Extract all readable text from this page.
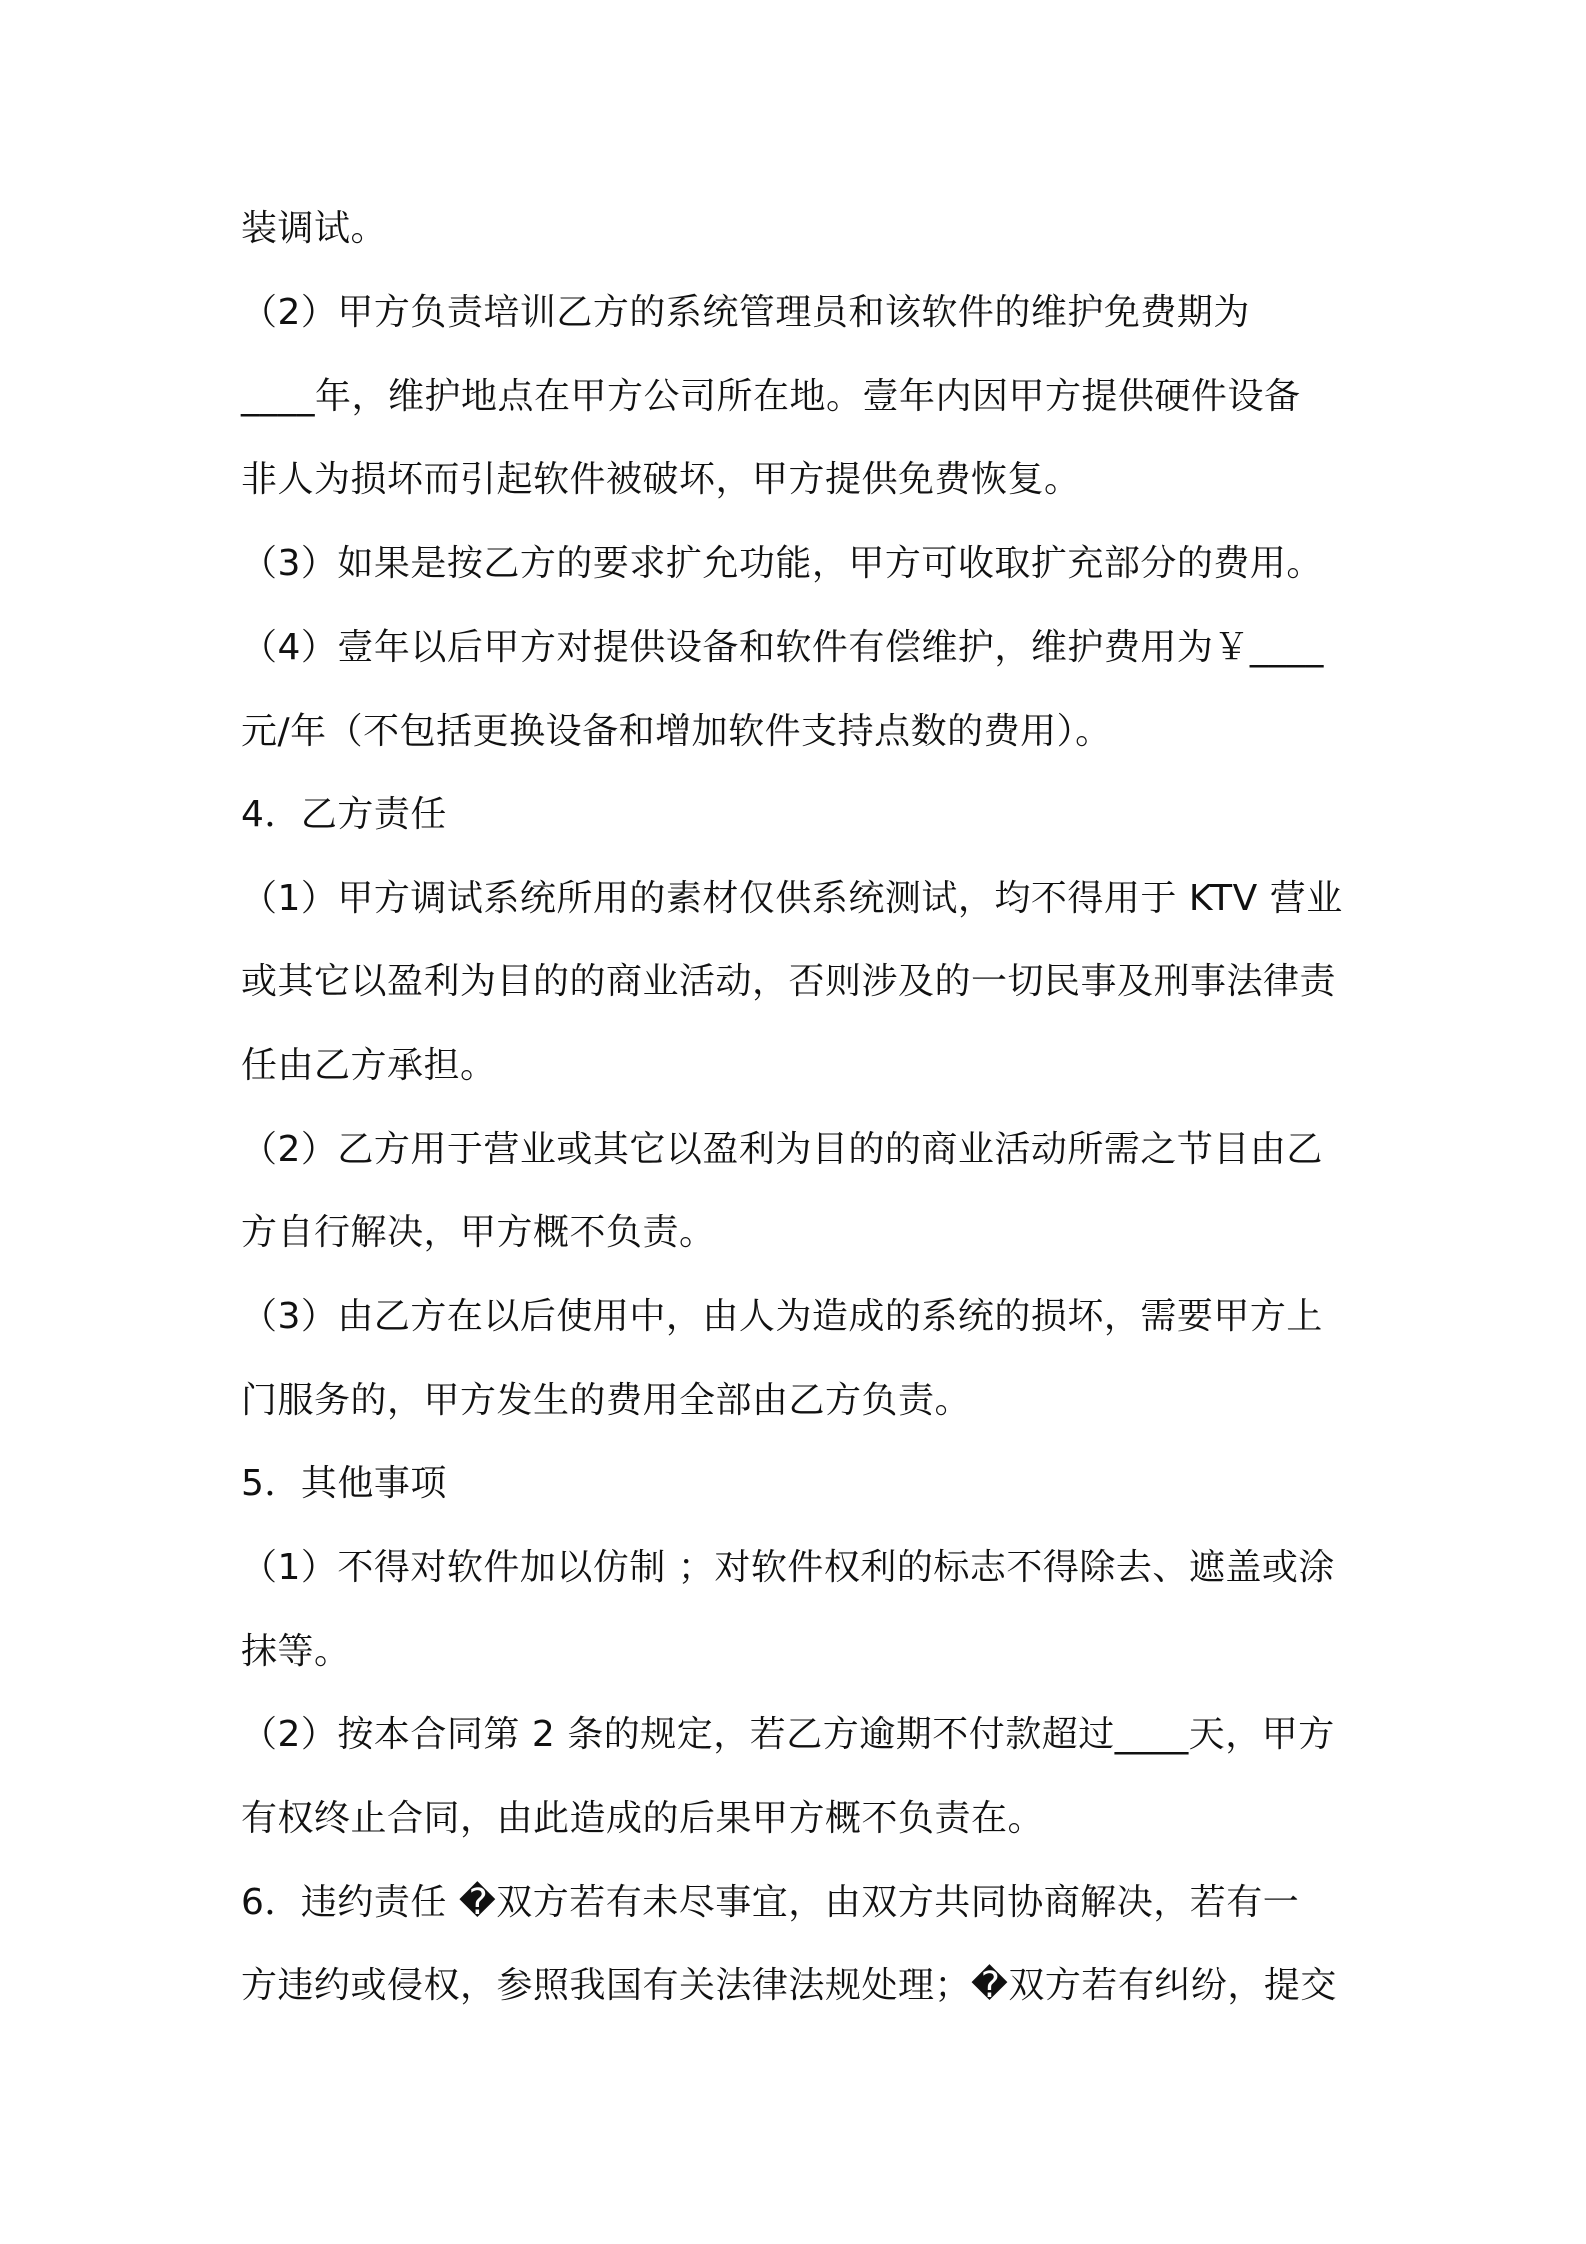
装调试。
（2）甲方负责培训乙方的系统管理员和该软件的维护免费期为
____年，维护地点在甲方公司所在地。壹年内因甲方提供硬件设备
非人为损坏而引起软件被破坏，甲方提供免费恢复。
（3）如果是按乙方的要求扩允功能，甲方可收取扩充部分的费用。
（4）壹年以后甲方对提供设备和软件有偿维护，维护费用为￥____
元/年（不包括更换设备和增加软件支持点数的费用）。
4．乙方责任
（1）甲方调试系统所用的素材仅供系统测试，均不得用于 KTV 营业
或其它以盈利为目的的商业活动，否则涉及的一切民事及刑事法律责
任由乙方承担。
（2）乙方用于营业或其它以盈利为目的的商业活动所需之节目由乙
方自行解决，甲方概不负责。
（3）由乙方在以后使用中，由人为造成的系统的损坏，需要甲方上
门服务的，甲方发生的费用全部由乙方负责。
5．其他事项
（1）不得对软件加以仿制 ；对软件权利的标志不得除去、遮盖或涂
抹等。
（2）按本合同第 2 条的规定，若乙方逾期不付款超过____天，甲方
有权终止合同，由此造成的后果甲方概不负责在。
6．违约责任 �双方若有未尽事宜，由双方共同协商解决，若有一
方违约或侵权，参照我国有关法律法规处理；�双方若有纠纷，提交
